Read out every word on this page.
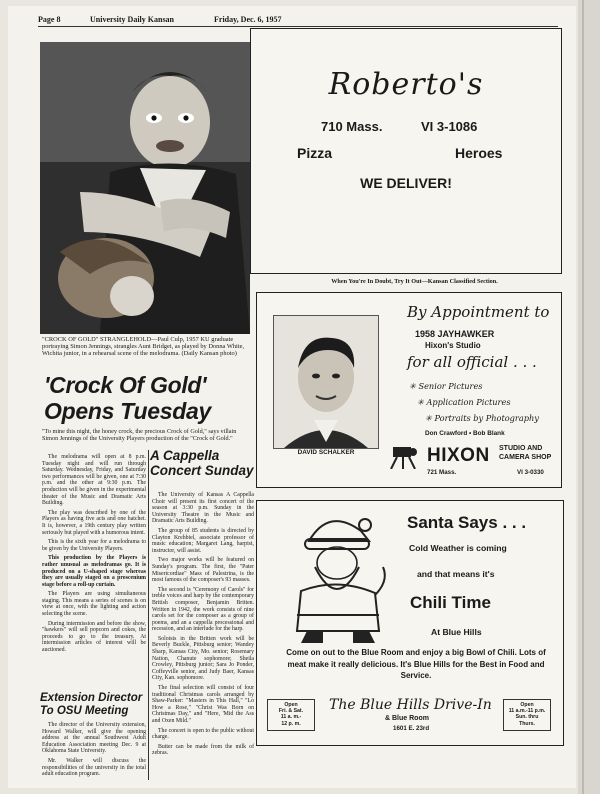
Page 8	University Daily Kansan	Friday, Dec. 6, 1957
"CROCK OF GOLD" STRANGLEHOLD—Paul Culp, 1957 KU graduate portraying Simon Jennings, strangles Aunt Bridget, as played by Donna White, Wichita junior, in a rehearsal scene of the melodrama. (Daily Kansan photo)
'Crock Of Gold' Opens Tuesday
"To mine this night, the honey crock, the precious Crock of Gold," says villain Simon Jennings of the University Players production of the "Crock of Gold."

The melodrama will open at 8 p.m. Tuesday night and will run through Saturday. Wednesday, Friday, and Saturday two performances will be given, one at 7:30 p.m. and the other at 9:30 p.m. The production will be given in the experimental theater of the Music and Dramatic Arts Building.

The play was described by one of the Players as having five acts and one hatchet. It is, however, a 19th century play written seriously but played with a humorous intent.

This is the sixth year for a melodrama to be given by the University Players.

This production by the Players is rather unusual as melodramas go. It is produced on a U-shaped stage whereas they are usually staged on a proscenium stage before a roll-up curtain.

The Players are using simultaneous staging. This means a series of scenes is on view at once, with the lighting and action selecting the scene.

During intermission and before the show, "hawkers" will sell popcorn and cokes, the proceeds to go to the treasury. At intermission articles of interest will be auctioned.

A Cappella Concert Sunday

The University of Kansas A Cappella Choir will present its first concert of the season at 3:30 p.m. Sunday in the University Theatre in the Music and Dramatic Arts Building.

The group of 85 students is directed by Clayton Krehbiel, associate professor of music education; Margaret Lang, harpist, instructor, will assist.

Two major works will be featured on Sunday's program. The first, the "Pater Misericordiae" Mass of Palestrina, is the most famous of the composer's 93 masses.

The second is "Ceremony of Carols" for treble voices and harp by the contemporary British composer, Benjamin Britten. Written in 1942, the work consists of nine carols set for the composer as a group of poems, and an a cappella processional and recession, and an interlude for the harp.

Soloists in the Britten work will be Beverly Buckle, Pittsburg senior; Wandey Sharp, Kansas City, Mo. senior; Rosemary Nation, Chanute sophomore; Sheila Crowley, Pittsburg junior; Sara Jo Ponder, Coffeyville senior, and Judy Baer, Kansas City, Kan. sophomore.

The final selection will consist of four traditional Christmas carols arranged by Shaw-Parker: "Masters in This Hall," "Lo How a Rose," "Christ Was Born on Christmas Day," and "Here, 'Mid the Ass and Oxen Mild."

The concert is open to the public without charge.

Butter can be made from the milk of zebras.

Extension Director To OSU Meeting

The director of the University extension, Howard Walker, will give the opening address at the annual Southwest Adult Education Association meeting Dec. 9 at Oklahoma State University.

Mr. Walker will discuss the responsibilities of the university in the total adult education program.

Roberto's
710 Mass.	VI 3-1086
Pizza	Heroes
WE DELIVER!
When You're In Doubt, Try It Out—Kansan Classified Section.
DAVID SCHALKER
By Appointment to
1958 JAYHAWKER
Hixon's Studio
for all official . . .
✳ Senior Pictures
✳ Application Pictures
✳ Portraits by Photography
Don Crawford • Bob Blank
HIXON STUDIO AND
CAMERA SHOP
721 Mass.	VI 3-0330
Santa Says . . .
Cold Weather is coming
and that means it's
Chili Time
At Blue Hills
Come on out to the Blue Room and enjoy a big Bowl of Chili. Lots of meat make it really delicious. It's Blue Hills for the Best in Food and Service.
Open
Fri. & Sat.
11 a. m.-
12 p. m.
The Blue Hills Drive-In
& Blue Room
1601 E. 23rd
Open
11 a.m.-11 p.m.
Sun. thru
Thurs.
